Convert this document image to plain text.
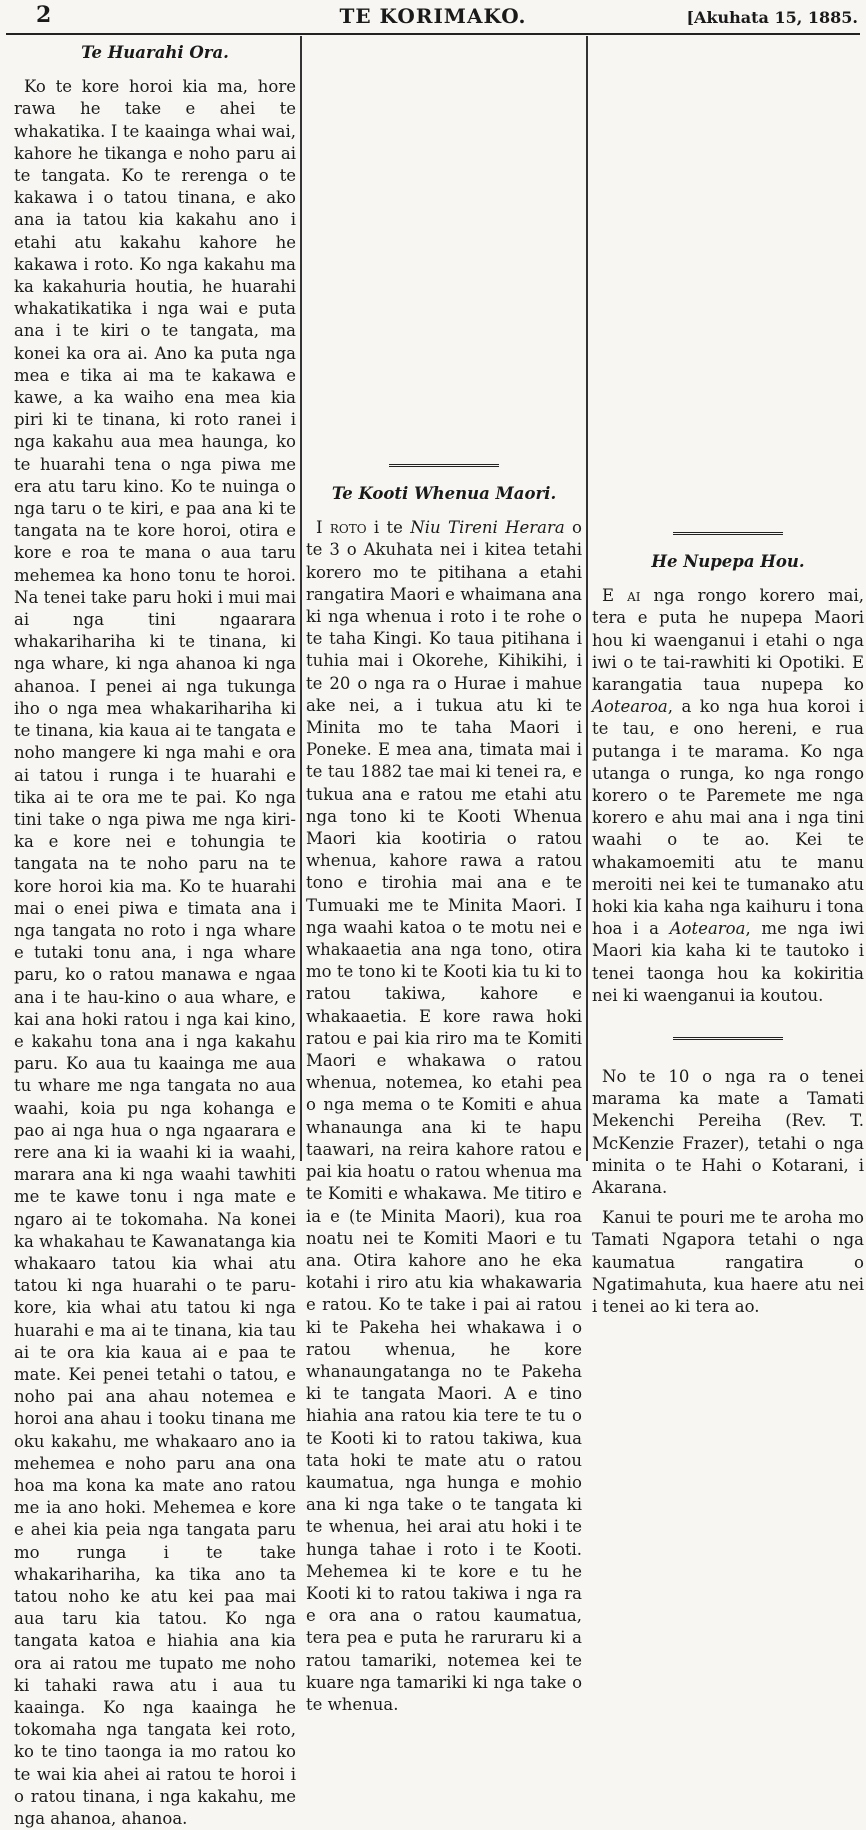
2	TE KORIMAKO.	[Akuhata 15, 1885.
Te Huarahi Ora.

Ko te kore horoi kia ma, hore rawa he take e ahei te whakatika. I te kaainga whai wai, kahore he tikanga e noho paru ai te tangata. Ko te rerenga o te kakawa i o tatou tinana, e ako ana ia tatou kia kakahu ano i etahi atu kakahu kahore he kakawa i roto. Ko nga kakahu ma ka kakahuria houtia, he huarahi whakatikatika i nga wai e puta ana i te kiri o te tangata, ma konei ka ora ai. Ano ka puta nga mea e tika ai ma te kakawa e kawe, a ka waiho ena mea kia piri ki te tinana, ki roto ranei i nga kakahu aua mea haunga, ko te huarahi tena o nga piwa me era atu taru kino. Ko te nuinga o nga taru o te kiri, e paa ana ki te tangata na te kore horoi, otira e kore e roa te mana o aua taru mehemea ka hono tonu te horoi. Na tenei take paru hoki i mui mai ai nga tini ngaarara whakarihariha ki te tinana, ki nga whare, ki nga ahanoa ki nga ahanoa. I penei ai nga tukunga iho o nga mea whakarihariha ki te tinana, kia kaua ai te tangata e noho mangere ki nga mahi e ora ai tatou i runga i te huarahi e tika ai te ora me te pai. Ko nga tini take o nga piwa me nga kiri-ka e kore nei e tohungia te tangata na te noho paru na te kore horoi kia ma. Ko te huarahi mai o enei piwa e timata ana i nga tangata no roto i nga whare e tutaki tonu ana, i nga whare paru, ko o ratou manawa e ngaa ana i te hau-kino o aua whare, e kai ana hoki ratou i nga kai kino, e kakahu tona ana i nga kakahu paru. Ko aua tu kaainga me aua tu whare me nga tangata no aua waahi, koia pu nga kohanga e pao ai nga hua o nga ngaarara e rere ana ki ia waahi ki ia waahi, marara ana ki nga waahi tawhiti me te kawe tonu i nga mate e ngaro ai te tokomaha. Na konei ka whakahau te Kawanatanga kia whakaaro tatou kia whai atu tatou ki nga huarahi o te paru-kore, kia whai atu tatou ki nga huarahi e ma ai te tinana, kia tau ai te ora kia kaua ai e paa te mate. Kei penei tetahi o tatou, e noho pai ana ahau notemea e horoi ana ahau i tooku tinana me oku kakahu, me whakaaro ano ia mehemea e noho paru ana ona hoa ma kona ka mate ano ratou me ia ano hoki. Mehemea e kore e ahei kia peia nga tangata paru mo runga i te take whakarihariha, ka tika ano ta tatou noho ke atu kei paa mai aua taru kia tatou. Ko nga tangata katoa e hiahia ana kia ora ai ratou me tupato me noho ki tahaki rawa atu i aua tu kaainga. Ko nga kaainga he tokomaha nga tangata kei roto, ko te tino taonga ia mo ratou ko te wai kia ahei ai ratou te horoi i o ratou tinana, i nga kakahu, me nga ahanoa, ahanoa.

Te Kooti Whenua Maori.

I roto i te Niu Tireni Herara o te 3 o Akuhata nei i kitea tetahi korero mo te pitihana a etahi rangatira Maori e whaimana ana ki nga whenua i roto i te rohe o te taha Kingi. Ko taua pitihana i tuhia mai i Okorehe, Kihikihi, i te 20 o nga ra o Hurae i mahue ake nei, a i tukua atu ki te Minita mo te taha Maori i Poneke. E mea ana, timata mai i te tau 1882 tae mai ki tenei ra, e tukua ana e ratou me etahi atu nga tono ki te Kooti Whenua Maori kia kootiria o ratou whenua, kahore rawa a ratou tono e tirohia mai ana e te Tumuaki me te Minita Maori. I nga waahi katoa o te motu nei e whakaaetia ana nga tono, otira mo te tono ki te Kooti kia tu ki to ratou takiwa, kahore e whakaaetia. E kore rawa hoki ratou e pai kia riro ma te Komiti Maori e whakawa o ratou whenua, notemea, ko etahi pea o nga mema o te Komiti e ahua whanaunga ana ki te hapu taawari, na reira kahore ratou e pai kia hoatu o ratou whenua ma te Komiti e whakawa. Me titiro e ia e (te Minita Maori), kua roa noatu nei te Komiti Maori e tu ana. Otira kahore ano he eka kotahi i riro atu kia whakawaria e ratou. Ko te take i pai ai ratou ki te Pakeha hei whakawa i o ratou whenua, he kore whanaungatanga no te Pakeha ki te tangata Maori. A e tino hiahia ana ratou kia tere te tu o te Kooti ki to ratou takiwa, kua tata hoki te mate atu o ratou kaumatua, nga hunga e mohio ana ki nga take o te tangata ki te whenua, hei arai atu hoki i te hunga tahae i roto i te Kooti. Mehemea ki te kore e tu he Kooti ki to ratou takiwa i nga ra e ora ana o ratou kaumatua, tera pea e puta he raruraru ki a ratou tamariki, notemea kei te kuare nga tamariki ki nga take o te whenua.

He Nupepa Hou.

E ai nga rongo korero mai, tera e puta he nupepa Maori hou ki waenganui i etahi o nga iwi o te tai-rawhiti ki Opotiki. E karangatia taua nupepa ko Aotearoa, a ko nga hua koroi i te tau, e ono hereni, e rua putanga i te marama. Ko nga utanga o runga, ko nga rongo korero o te Paremete me nga korero e ahu mai ana i nga tini waahi o te ao. Kei te whakamoemiti atu te manu meroiti nei kei te tumanako atu hoki kia kaha nga kaihuru i tona hoa i a Aotearoa, me nga iwi Maori kia kaha ki te tautoko i tenei taonga hou ka kokiritia nei ki waenganui ia koutou.

No te 10 o nga ra o tenei marama ka mate a Tamati Mekenchi Pereiha (Rev. T. McKenzie Frazer), tetahi o nga minita o te Hahi o Kotarani, i Akarana.

Kanui te pouri me te aroha mo Tamati Ngapora tetahi o nga kaumatua rangatira o Ngatimahuta, kua haere atu nei i tenei ao ki tera ao.
